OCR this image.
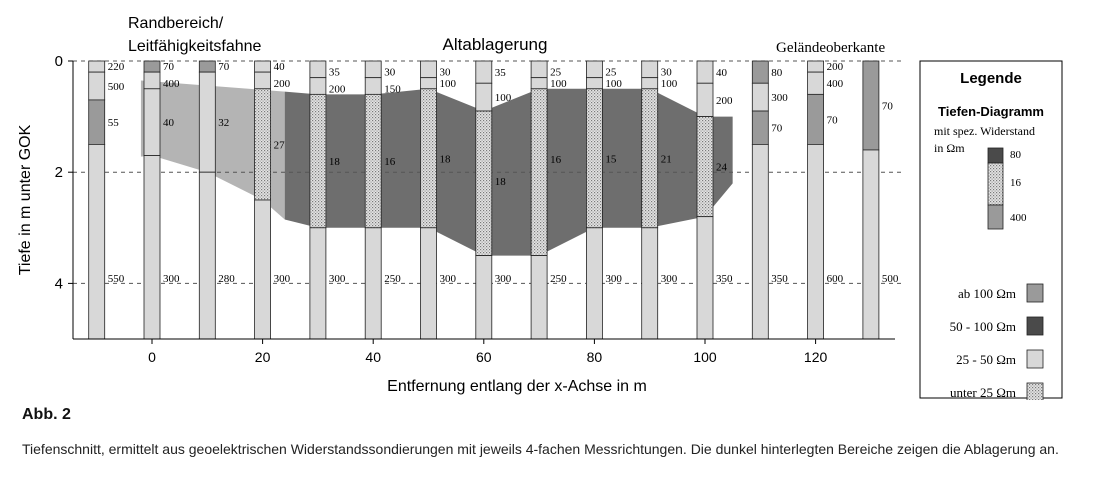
220
500
55
550
70
400
40
300
70
32
280
40
200
27
300
35
200
18
300
30
150
16
250
30
100
18
300
35
100
18
300
25
100
16
250
25
100
15
300
30
100
21
300
40
200
24
350
80
300
70
350
200
400
70
600
70
500
0
2
4
0	20	40	60	80	100	120
Tiefe in m unter GOK
Entfernung entlang der x-Achse in m
Randbereich/
Leitfähigkeitsfahne	Altablagerung	Geländeoberkante
Legende
Tiefen-Diagramm
mit spez. Widerstand
in Ωm	80
16
400
ab 100 Ωm
50 - 100 Ωm
25 - 50 Ωm
unter 25 Ωm
Abb. 2
Tiefenschnitt, ermittelt aus geoelektrischen Widerstandssondierungen mit jeweils 4-fachen Messrichtungen. Die dunkel hinterlegten Bereiche zeigen die Ablagerung an.
